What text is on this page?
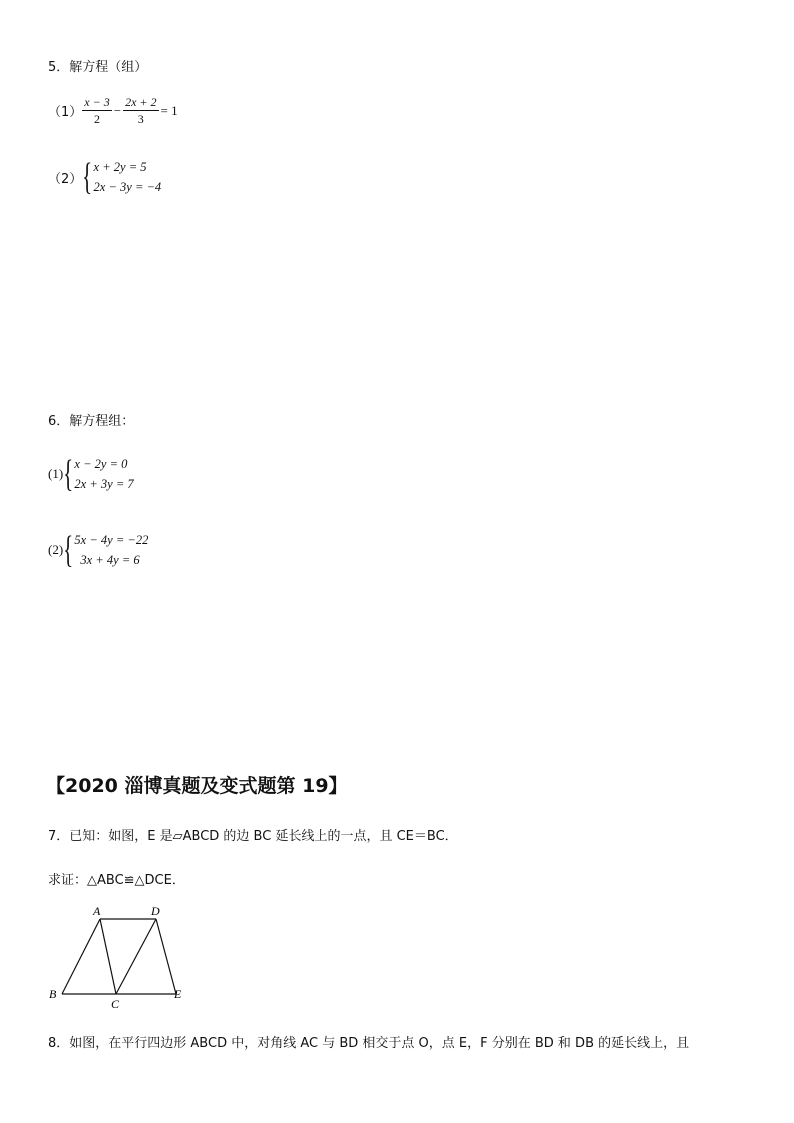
5．解方程（组）
$(1) \frac{x - 3}{2} - \frac{2x + 2}{3} = 1$
（2） { x + 2y = 5
2x − 3y = −4
6．解方程组：
(1) { x − 2y = 0
2x + 3y = 7
(2) { 5x − 4y = −22
3x + 4y = 6
【2020 淄博真题及变式题第 19】
7．已知：如图，E 是▱ABCD 的边 BC 延长线上的一点，且 CE＝BC．
求证：△ABC≌△DCE．
A	D
B
C
E
8．如图，在平行四边形 ABCD 中，对角线 AC 与 BD 相交于点 O，点 E，F 分别在 BD 和 DB 的延长线上，且
